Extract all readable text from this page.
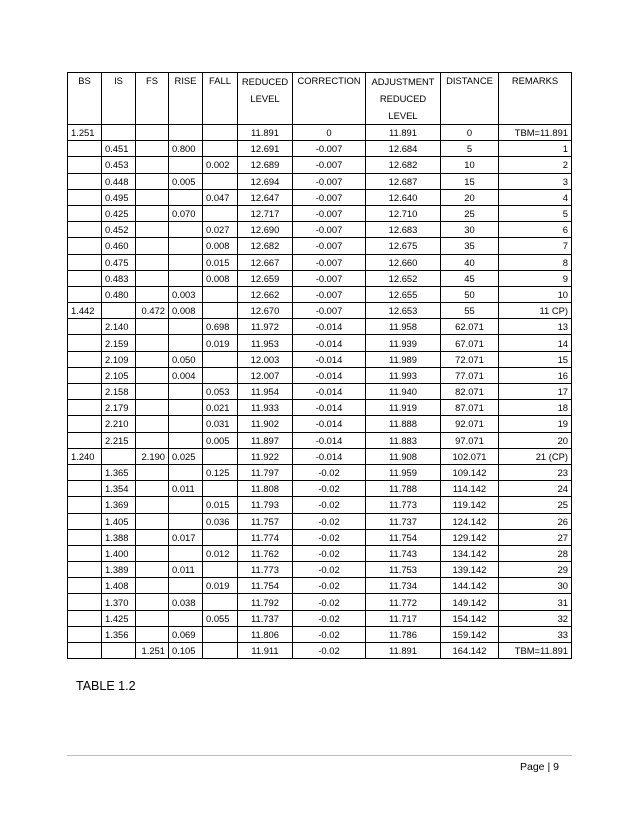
BS	IS	FS	RISE	FALL	REDUCED LEVEL	CORRECTION	ADJUSTMENT REDUCED LEVEL	DISTANCE	REMARKS
1.251					11.891	0	11.891	0	TBM=11.891
	0.451		0.800		12.691	-0.007	12.684	5	1
	0.453			0.002	12.689	-0.007	12.682	10	2
	0.448		0.005		12.694	-0.007	12.687	15	3
	0.495			0.047	12.647	-0.007	12.640	20	4
	0.425		0.070		12.717	-0.007	12.710	25	5
	0.452			0.027	12.690	-0.007	12.683	30	6
	0.460			0.008	12.682	-0.007	12.675	35	7
	0.475			0.015	12.667	-0.007	12.660	40	8
	0.483			0.008	12.659	-0.007	12.652	45	9
	0.480		0.003		12.662	-0.007	12.655	50	10
1.442		0.472	0.008		12.670	-0.007	12.653	55	11 CP)
	2.140			0.698	11.972	-0.014	11.958	62.071	13
	2.159			0.019	11.953	-0.014	11.939	67.071	14
	2.109		0.050		12.003	-0.014	11.989	72.071	15
	2.105		0.004		12.007	-0.014	11.993	77.071	16
	2.158			0.053	11.954	-0.014	11.940	82.071	17
	2.179			0.021	11.933	-0.014	11.919	87.071	18
	2.210			0.031	11.902	-0.014	11.888	92.071	19
	2.215			0.005	11.897	-0.014	11.883	97.071	20
1.240		2.190	0.025		11.922	-0.014	11.908	102.071	21 (CP)
	1.365			0.125	11.797	-0.02	11.959	109.142	23
	1.354		0.011		11.808	-0.02	11.788	114.142	24
	1.369			0.015	11.793	-0.02	11.773	119.142	25
	1.405			0.036	11.757	-0.02	11.737	124.142	26
	1.388		0.017		11.774	-0.02	11.754	129.142	27
	1.400			0.012	11.762	-0.02	11.743	134.142	28
	1.389		0.011		11.773	-0.02	11.753	139.142	29
	1.408			0.019	11.754	-0.02	11.734	144.142	30
	1.370		0.038		11.792	-0.02	11.772	149.142	31
	1.425			0.055	11.737	-0.02	11.717	154.142	32
	1.356		0.069		11.806	-0.02	11.786	159.142	33
		1.251	0.105		11.911	-0.02	11.891	164.142	TBM=11.891
TABLE 1.2
Page | 9
